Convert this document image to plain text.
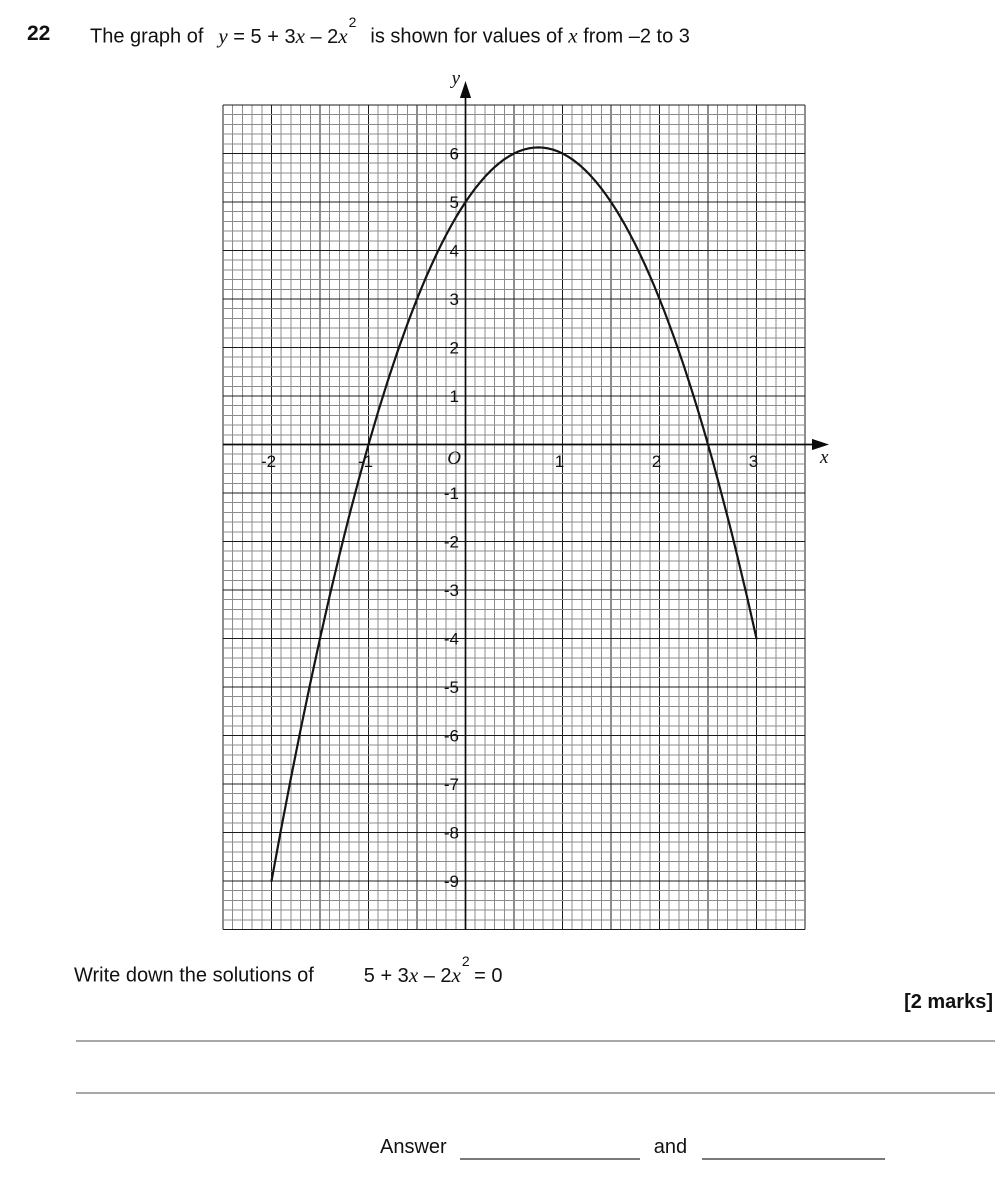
22 The graph of $y = 5 + 3x - 2x^2is$ shown for values of x from –2 to 3
6
5
4
3
2
1
-1
-2
-3
-4
-5
-6
-7
-8
-9
-2	-1	1	2	3
y
x
O
Write down the solutions of	$5 + 3x - 2x^2 = 0$
[2 marks]
Answer	and
